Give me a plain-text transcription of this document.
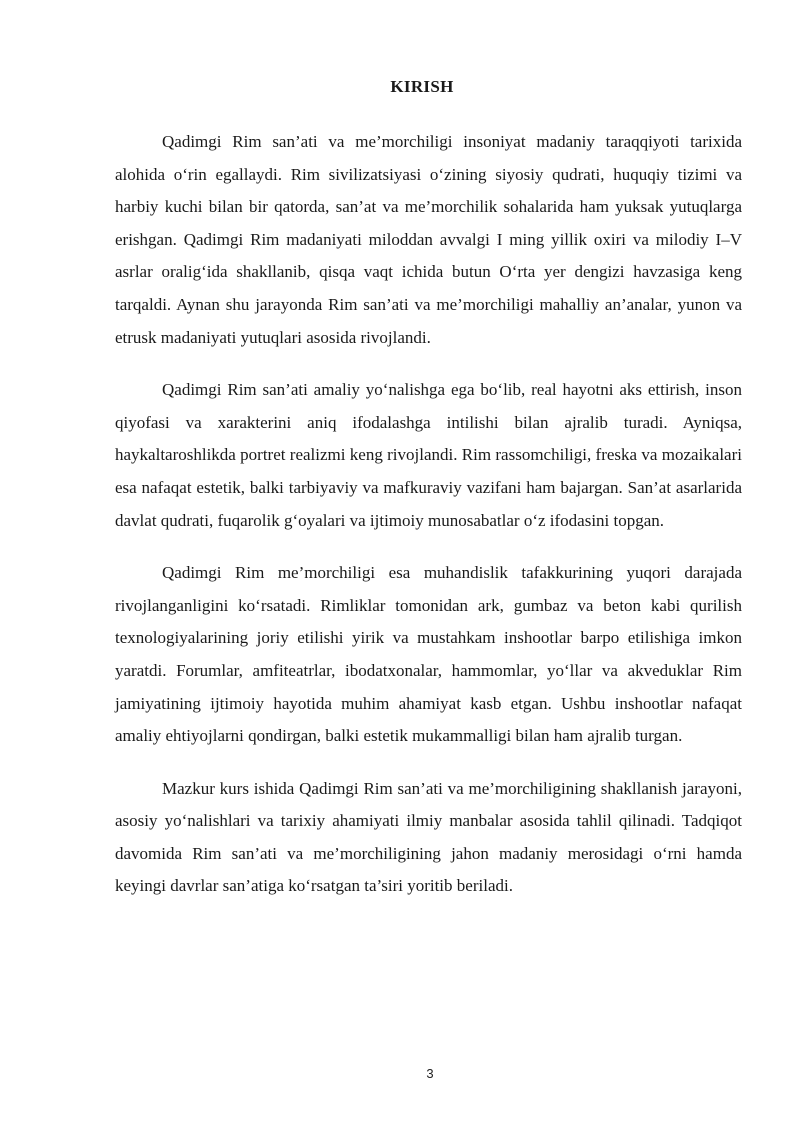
KIRISH

Qadimgi Rim san’ati va me’morchiligi insoniyat madaniy taraqqiyoti tarixida alohida o‘rin egallaydi. Rim sivilizatsiyasi o‘zining siyosiy qudrati, huquqiy tizimi va harbiy kuchi bilan bir qatorda, san’at va me’morchilik sohalarida ham yuksak yutuqlarga erishgan. Qadimgi Rim madaniyati miloddan avvalgi I ming yillik oxiri va milodiy I–V asrlar oralig‘ida shakllanib, qisqa vaqt ichida butun O‘rta yer dengizi havzasiga keng tarqaldi. Aynan shu jarayonda Rim san’ati va me’morchiligi mahalliy an’analar, yunon va etrusk madaniyati yutuqlari asosida rivojlandi.

Qadimgi Rim san’ati amaliy yo‘nalishga ega bo‘lib, real hayotni aks ettirish, inson qiyofasi va xarakterini aniq ifodalashga intilishi bilan ajralib turadi. Ayniqsa, haykaltaroshlikda portret realizmi keng rivojlandi. Rim rassomchiligi, freska va mozaikalari esa nafaqat estetik, balki tarbiyaviy va mafkuraviy vazifani ham bajargan. San’at asarlarida davlat qudrati, fuqarolik g‘oyalari va ijtimoiy munosabatlar o‘z ifodasini topgan.

Qadimgi Rim me’morchiligi esa muhandislik tafakkurining yuqori darajada rivojlanganligini ko‘rsatadi. Rimliklar tomonidan ark, gumbaz va beton kabi qurilish texnologiyalarining joriy etilishi yirik va mustahkam inshootlar barpo etilishiga imkon yaratdi. Forumlar, amfiteatrlar, ibodatxonalar, hammomlar, yo‘llar va akveduklar Rim jamiyatining ijtimoiy hayotida muhim ahamiyat kasb etgan. Ushbu inshootlar nafaqat amaliy ehtiyojlarni qondirgan, balki estetik mukammalligi bilan ham ajralib turgan.

Mazkur kurs ishida Qadimgi Rim san’ati va me’morchiligining shakllanish jarayoni, asosiy yo‘nalishlari va tarixiy ahamiyati ilmiy manbalar asosida tahlil qilinadi. Tadqiqot davomida Rim san’ati va me’morchiligining jahon madaniy merosidagi o‘rni hamda keyingi davrlar san’atiga ko‘rsatgan ta’siri yoritib beriladi.

3
